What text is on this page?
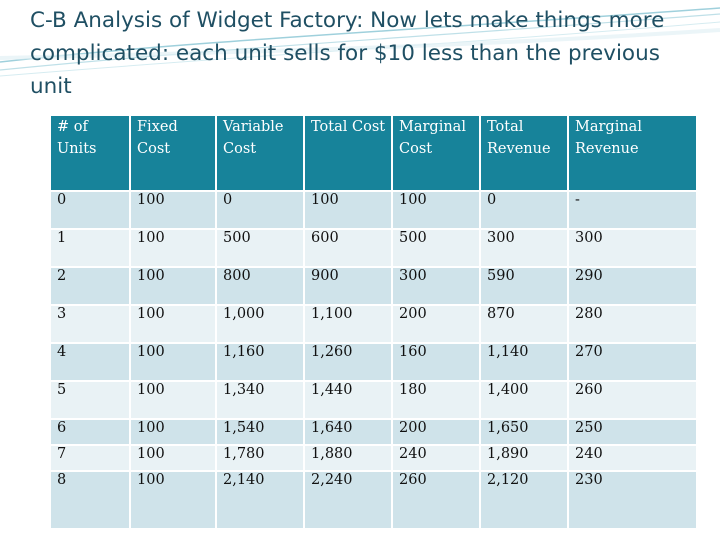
C-B Analysis of Widget Factory: Now lets make things more complicated: each unit sells for $10 less than the previous unit
# of Units	Fixed Cost	Variable Cost	Total Cost	Marginal Cost	Total Revenue	Marginal Revenue
0	100	0	100	100	0	-
1	100	500	600	500	300	300
2	100	800	900	300	590	290
3	100	1,000	1,100	200	870	280
4	100	1,160	1,260	160	1,140	270
5	100	1,340	1,440	180	1,400	260
6	100	1,540	1,640	200	1,650	250
7	100	1,780	1,880	240	1,890	240
8	100	2,140	2,240	260	2,120	230
